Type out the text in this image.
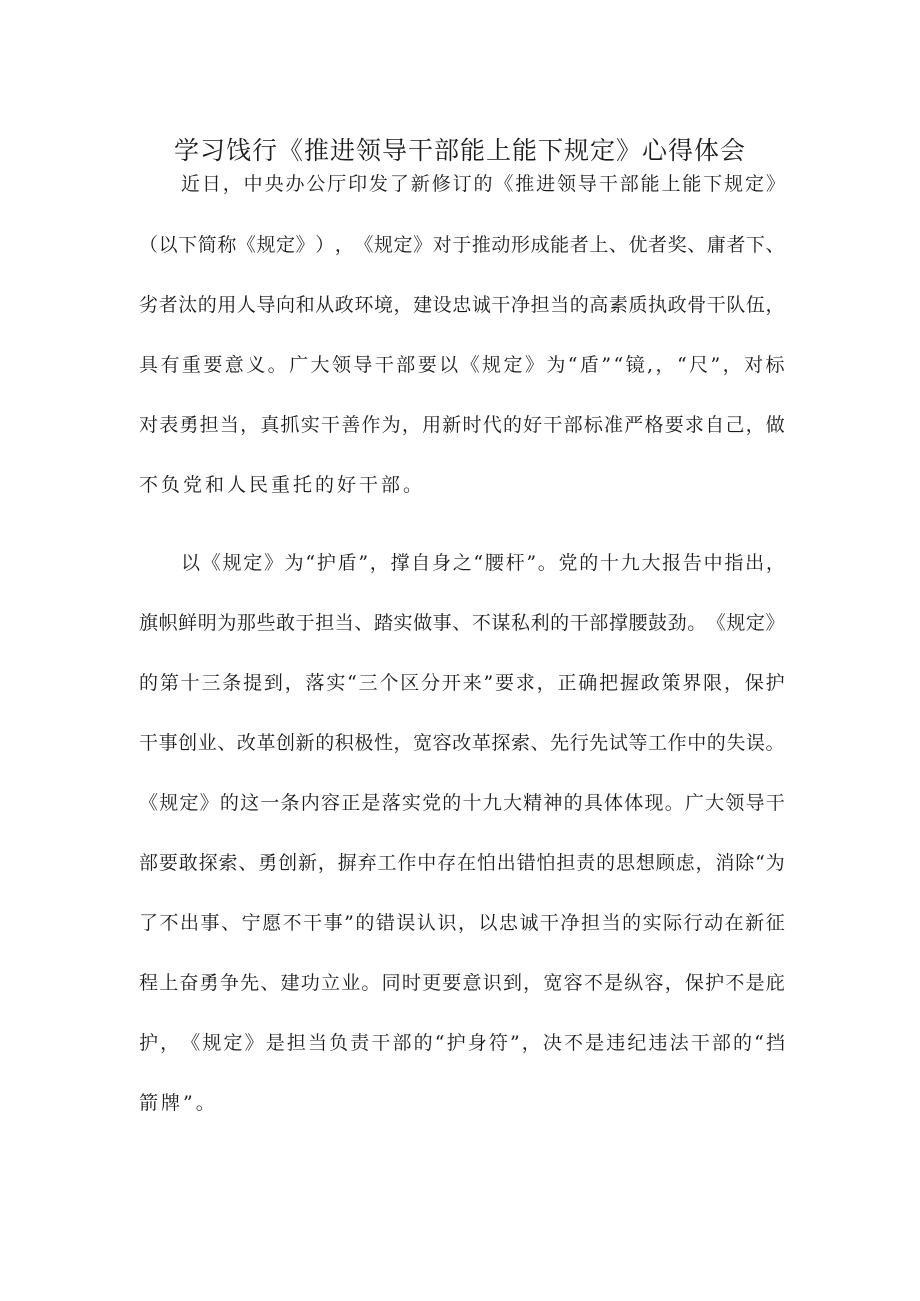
学习饯行《推进领导干部能上能下规定》心得体会
近 日 ， 中 央 办 公 厅 印 发 了 新 修 订 的 《 推 进 领 导 干 部 能 上 能 下 规 定 》
（ 以 下 简 称 《 规 定 》 ） ， 《 规 定 》 对 于 推 动 形 成 能 者 上 、 优 者 奖 、 庸 者 下 、
劣 者 汰 的 用 人 导 向 和 从 政 环 境 ， 建 设 忠 诚 干 净 担 当 的 高 素 质 执 政 骨 干 队 伍 ，
具 有 重 要 意 义 。 广 大 领 导 干 部 要 以 《 规 定 》 为 “ 盾 ” “ 镜 , ， “ 尺 ” ， 对 标
对 表 勇 担 当 ， 真 抓 实 干 善 作 为 ， 用 新 时 代 的 好 干 部 标 准 严 格 要 求 自 己 ， 做
不负党和人民重托的好干部。
以 《 规 定 》 为 “ 护 盾 ” ， 撑 自 身 之 “ 腰 杆 ” 。 党 的 十 九 大 报 告 中 指 出 ，
旗 帜 鲜 明 为 那 些 敢 于 担 当 、 踏 实 做 事 、 不 谋 私 利 的 干 部 撑 腰 鼓 劲 。 《 规 定 》
的 第 十 三 条 提 到 ， 落 实 “ 三 个 区 分 开 来 ” 要 求 ， 正 确 把 握 政 策 界 限 ， 保 护
干 事 创 业 、 改 革 创 新 的 积 极 性 ， 宽 容 改 革 探 索 、 先 行 先 试 等 工 作 中 的 失 误 。
《 规 定 》 的 这 一 条 内 容 正 是 落 实 党 的 十 九 大 精 神 的 具 体 体 现 。 广 大 领 导 干
部 要 敢 探 索 、 勇 创 新 ， 摒 弃 工 作 中 存 在 怕 出 错 怕 担 责 的 思 想 顾 虑 ， 消 除 “ 为
了 不 出 事 、 宁 愿 不 干 事 ” 的 错 误 认 识 ， 以 忠 诚 干 净 担 当 的 实 际 行 动 在 新 征
程 上 奋 勇 争 先 、 建 功 立 业 。 同 时 更 要 意 识 到 ， 宽 容 不 是 纵 容 ， 保 护 不 是 庇
护 ， 《 规 定 》 是 担 当 负 责 干 部 的 “ 护 身 符 ” ， 决 不 是 违 纪 违 法 干 部 的 “ 挡
箭牌”。
